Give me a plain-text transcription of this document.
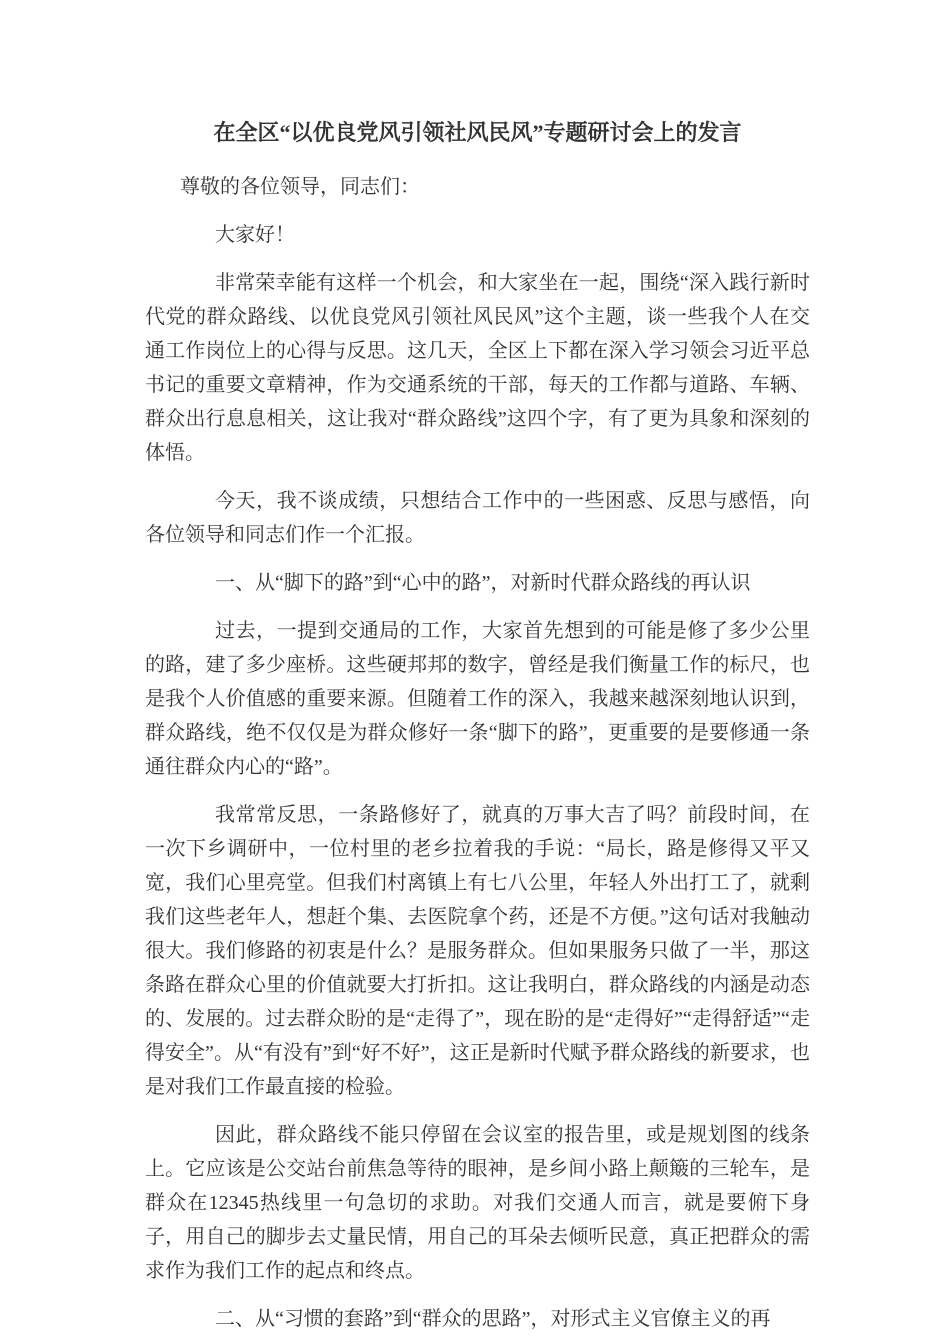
在全区“以优良党风引领社风民风”专题研讨会上的发言

尊敬的各位领导，同志们：

大家好！

非常荣幸能有这样一个机会，和大家坐在一起，围绕“深入践行新时代党的群众路线、以优良党风引领社风民风”这个主题，谈一些我个人在交通工作岗位上的心得与反思。这几天，全区上下都在深入学习领会习近平总书记的重要文章精神，作为交通系统的干部，每天的工作都与道路、车辆、群众出行息息相关，这让我对“群众路线”这四个字，有了更为具象和深刻的体悟。

今天，我不谈成绩，只想结合工作中的一些困惑、反思与感悟，向各位领导和同志们作一个汇报。

一、从“脚下的路”到“心中的路”，对新时代群众路线的再认识

过去，一提到交通局的工作，大家首先想到的可能是修了多少公里的路，建了多少座桥。这些硬邦邦的数字，曾经是我们衡量工作的标尺，也是我个人价值感的重要来源。但随着工作的深入，我越来越深刻地认识到，群众路线，绝不仅仅是为群众修好一条“脚下的路”，更重要的是要修通一条通往群众内心的“路”。

我常常反思，一条路修好了，就真的万事大吉了吗？前段时间，在一次下乡调研中，一位村里的老乡拉着我的手说：“局长，路是修得又平又宽，我们心里亮堂。但我们村离镇上有七八公里，年轻人外出打工了，就剩我们这些老年人，想赶个集、去医院拿个药，还是不方便。”这句话对我触动很大。我们修路的初衷是什么？是服务群众。但如果服务只做了一半，那这条路在群众心里的价值就要大打折扣。这让我明白，群众路线的内涵是动态的、发展的。过去群众盼的是“走得了”，现在盼的是“走得好”“走得舒适”“走得安全”。从“有没有”到“好不好”，这正是新时代赋予群众路线的新要求，也是对我们工作最直接的检验。

因此，群众路线不能只停留在会议室的报告里，或是规划图的线条上。它应该是公交站台前焦急等待的眼神，是乡间小路上颠簸的三轮车，是群众在12345热线里一句急切的求助。对我们交通人而言，就是要俯下身子，用自己的脚步去丈量民情，用自己的耳朵去倾听民意，真正把群众的需求作为我们工作的起点和终点。

二、从“习惯的套路”到“群众的思路”，对形式主义官僚主义的再
